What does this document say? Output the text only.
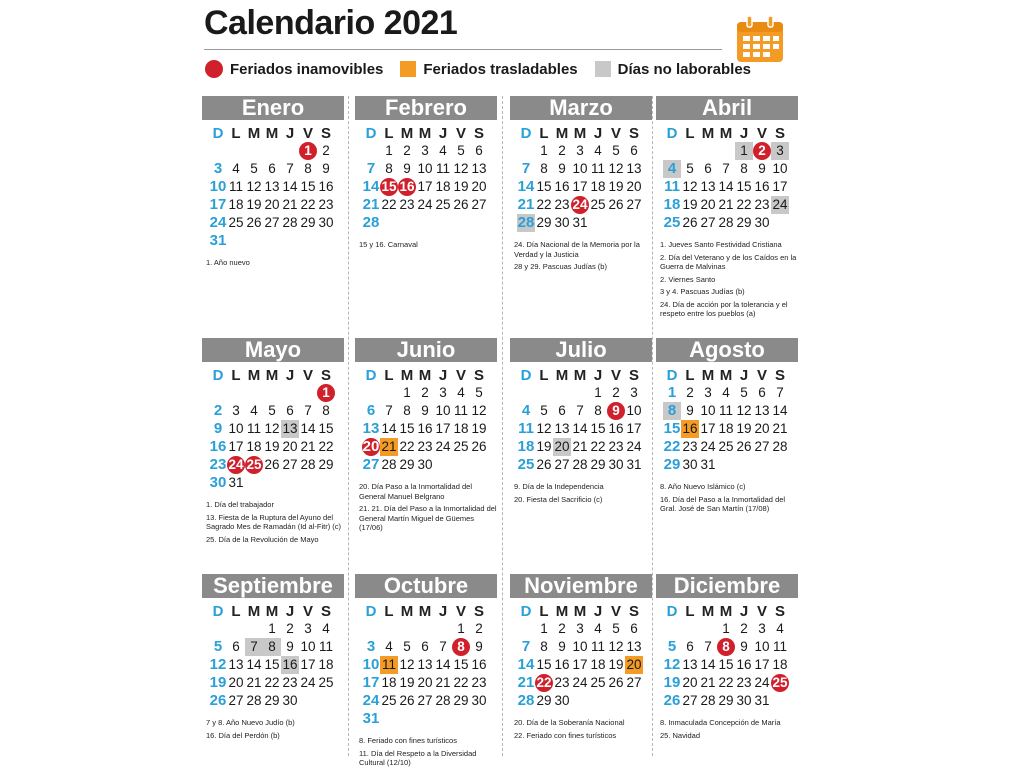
Calendario 2021
Feriados inamovibles	Feriados trasladables	Días no laborables
Enero
D L M M J V S
1 2
3 4 5 6 7 8 9
10 11 12 13 14 15 16
17 18 19 20 21 22 23
24 25 26 27 28 29 30
31
1. Año nuevo
Febrero
D L M M J V S
1 2 3 4 5 6
7 8 9 10 11 12 13
14 15 16 17 18 19 20
21 22 23 24 25 26 27
28
15 y 16. Carnaval
Marzo
D L M M J V S
1 2 3 4 5 6
7 8 9 10 11 12 13
14 15 16 17 18 19 20
21 22 23 24 25 26 27
28 29 30 31
24. Día Nacional de la Memoria por la Verdad y la Justicia
28 y 29. Pascuas Judías (b)
Abril
D L M M J V S
1 2 3
4 5 6 7 8 9 10
11 12 13 14 15 16 17
18 19 20 21 22 23 24
25 26 27 28 29 30
1. Jueves Santo Festividad Cristiana
2. Día del Veterano y de los Caídos en la Guerra de Malvinas
2. Viernes Santo
3 y 4. Pascuas Judías (b)
24. Día de acción por la tolerancia y el respeto entre los pueblos (a)
Mayo
D L M M J V S
1
2 3 4 5 6 7 8
9 10 11 12 13 14 15
16 17 18 19 20 21 22
23 24 25 26 27 28 29
30 31
1. Día del trabajador
13. Fiesta de la Ruptura del Ayuno del Sagrado Mes de Ramadán (Id al-Fitr) (c)
25. Día de la Revolución de Mayo
Junio
D L M M J V S
1 2 3 4 5
6 7 8 9 10 11 12
13 14 15 16 17 18 19
20 21 22 23 24 25 26
27 28 29 30
20. Día Paso a la Inmortalidad del General Manuel Belgrano
21. 21. Día del Paso a la Inmortalidad del General Martín Miguel de Güemes (17/06)
Julio
D L M M J V S
1 2 3
4 5 6 7 8 9 10
11 12 13 14 15 16 17
18 19 20 21 22 23 24
25 26 27 28 29 30 31
9. Día de la Independencia
20. Fiesta del Sacrificio (c)
Agosto
D L M M J V S
1 2 3 4 5 6 7
8 9 10 11 12 13 14
15 16 17 18 19 20 21
22 23 24 25 26 27 28
29 30 31
8. Año Nuevo Islámico (c)
16. Día del Paso a la Inmortalidad del Gral. José de San Martín (17/08)
Septiembre
D L M M J V S
1 2 3 4
5 6 7 8 9 10 11
12 13 14 15 16 17 18
19 20 21 22 23 24 25
26 27 28 29 30
7 y 8. Año Nuevo Judío (b)
16. Día del Perdón (b)
Octubre
D L M M J V S
1 2
3 4 5 6 7 8 9
10 11 12 13 14 15 16
17 18 19 20 21 22 23
24 25 26 27 28 29 30
31
8. Feriado con fines turísticos
11. Día del Respeto a la Diversidad Cultural (12/10)
Noviembre
D L M M J V S
1 2 3 4 5 6
7 8 9 10 11 12 13
14 15 16 17 18 19 20
21 22 23 24 25 26 27
28 29 30
20. Día de la Soberanía Nacional
22. Feriado con fines turísticos
Diciembre
D L M M J V S
1 2 3 4
5 6 7 8 9 10 11
12 13 14 15 16 17 18
19 20 21 22 23 24 25
26 27 28 29 30 31
8. Inmaculada Concepción de María
25. Navidad
